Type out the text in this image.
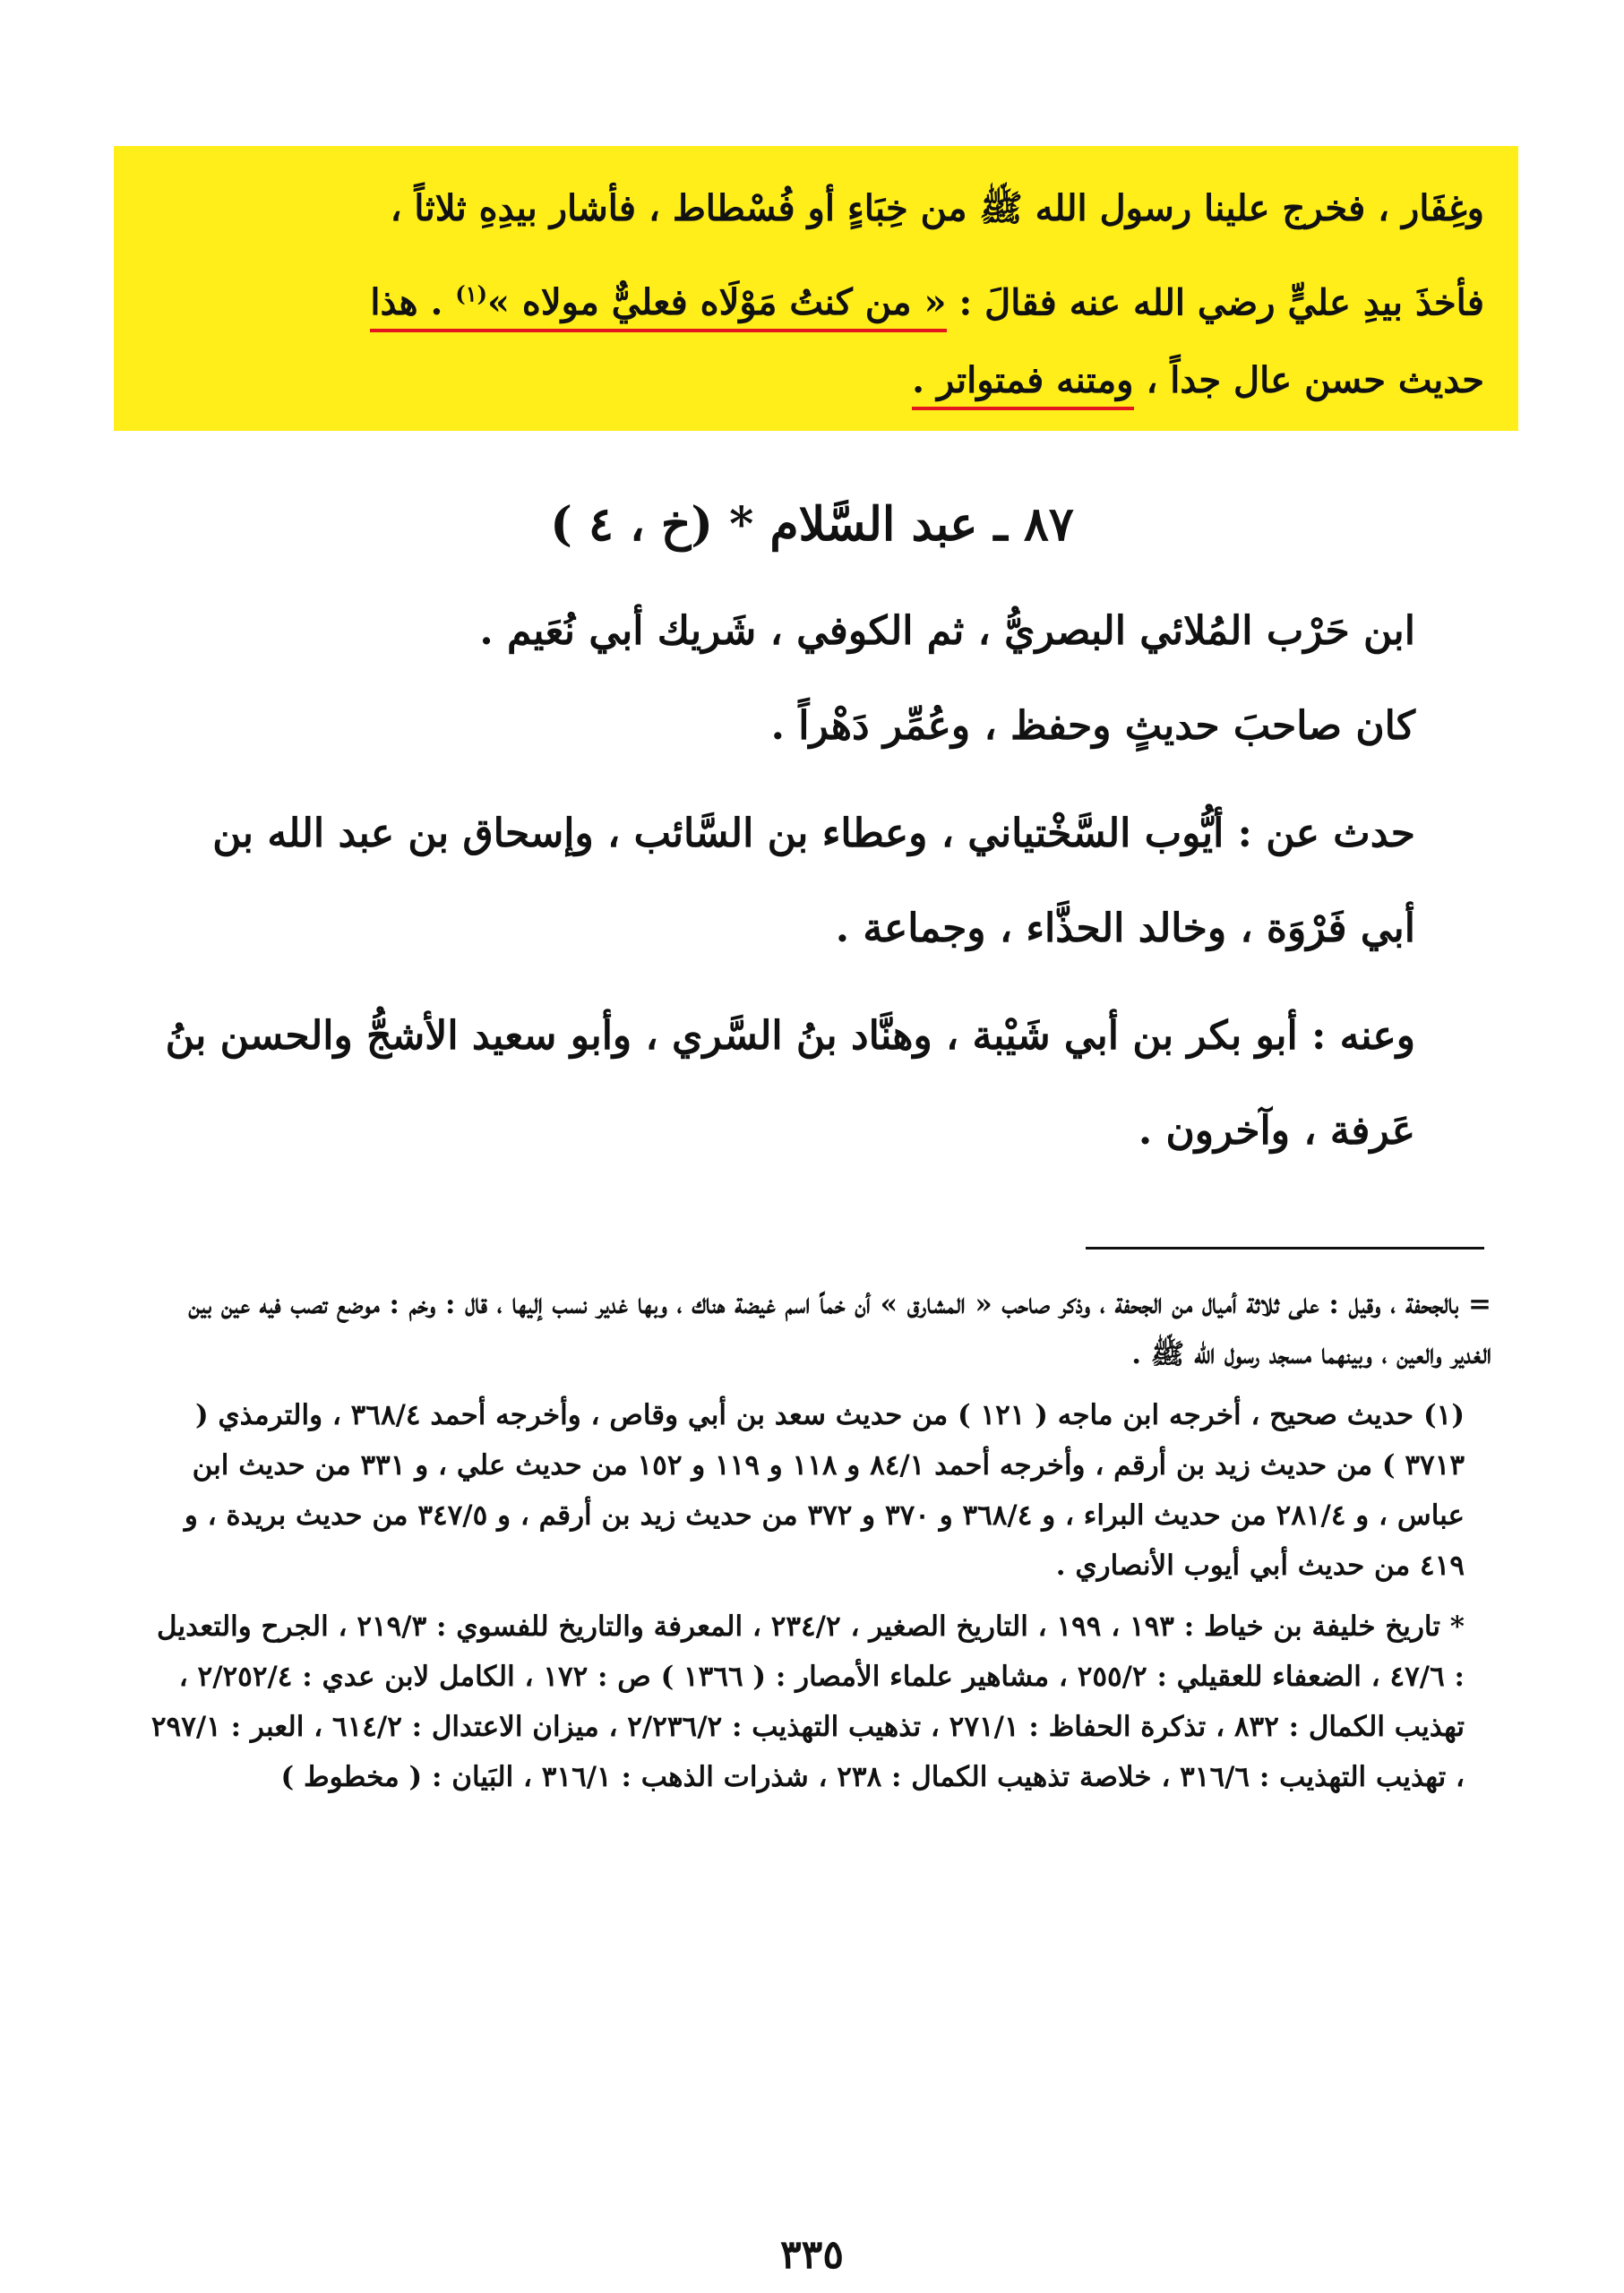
وغِفَار ، فخرج علينا رسول الله ﷺ من خِبَاءٍ أو فُسْطاط ، فأشار بيدِهِ ثلاثاً ،
فأخذَ بيدِ عليٍّ رضي الله عنه فقالَ : « من كنتُ مَوْلَاه فعليٌّ مولاه »$^{(١)}$ . هذا
حديث حسن عال جداً ، ومتنه فمتواتر .
٨٧ ـ عبد السَّلام * (خ ، ٤ )

ابن حَرْب المُلائي البصريُّ ، ثم الكوفي ، شَريك أبي نُعَيم .

كان صاحبَ حديثٍ وحفظ ، وعُمِّر دَهْراً .

حدث عن : أيُّوب السَّخْتياني ، وعطاء بن السَّائب ، وإسحاق بن عبد الله بن أبي فَرْوَة ، وخالد الحذَّاء ، وجماعة .

وعنه : أبو بكر بن أبي شَيْبة ، وهنَّاد بنُ السَّري ، وأبو سعيد الأشجُّ والحسن بنُ عَرفة ، وآخرون .

= بالجحفة ، وقيل : على ثلاثة أميال من الجحفة ، وذكر صاحب « المشارق » أن خماً اسم غيضة هناك ، وبها غدير نسب إليها ، قال : وخم : موضع تصب فيه عين بين الغدير والعين ، وبينهما مسجد رسول الله ﷺ .

(١) حديث صحيح ، أخرجه ابن ماجه ( ١٢١ ) من حديث سعد بن أبي وقاص ، وأخرجه أحمد ٣٦٨/٤ ، والترمذي ( ٣٧١٣ ) من حديث زيد بن أرقم ، وأخرجه أحمد ٨٤/١ و ١١٨ و ١١٩ و ١٥٢ من حديث علي ، و ٣٣١ من حديث ابن عباس ، و ٢٨١/٤ من حديث البراء ، و ٣٦٨/٤ و ٣٧٠ و ٣٧٢ من حديث زيد بن أرقم ، و ٣٤٧/٥ من حديث بريدة ، و ٤١٩ من حديث أبي أيوب الأنصاري .

* تاريخ خليفة بن خياط : ١٩٣ ، ١٩٩ ، التاريخ الصغير ، ٢٣٤/٢ ، المعرفة والتاريخ للفسوي : ٢١٩/٣ ، الجرح والتعديل : ٤٧/٦ ، الضعفاء للعقيلي : ٢٥٥/٢ ، مشاهير علماء الأمصار : ( ١٣٦٦ ) ص : ١٧٢ ، الكامل لابن عدي : ٢/٢٥٢/٤ ، تهذيب الكمال : ٨٣٢ ، تذكرة الحفاظ : ٢٧١/١ ، تذهيب التهذيب : ٢/٢٣٦/٢ ، ميزان الاعتدال : ٦١٤/٢ ، العبر : ٢٩٧/١ ، تهذيب التهذيب : ٣١٦/٦ ، خلاصة تذهيب الكمال : ٢٣٨ ، شذرات الذهب : ٣١٦/١ ، البَيان : ( مخطوط )

٣٣٥
